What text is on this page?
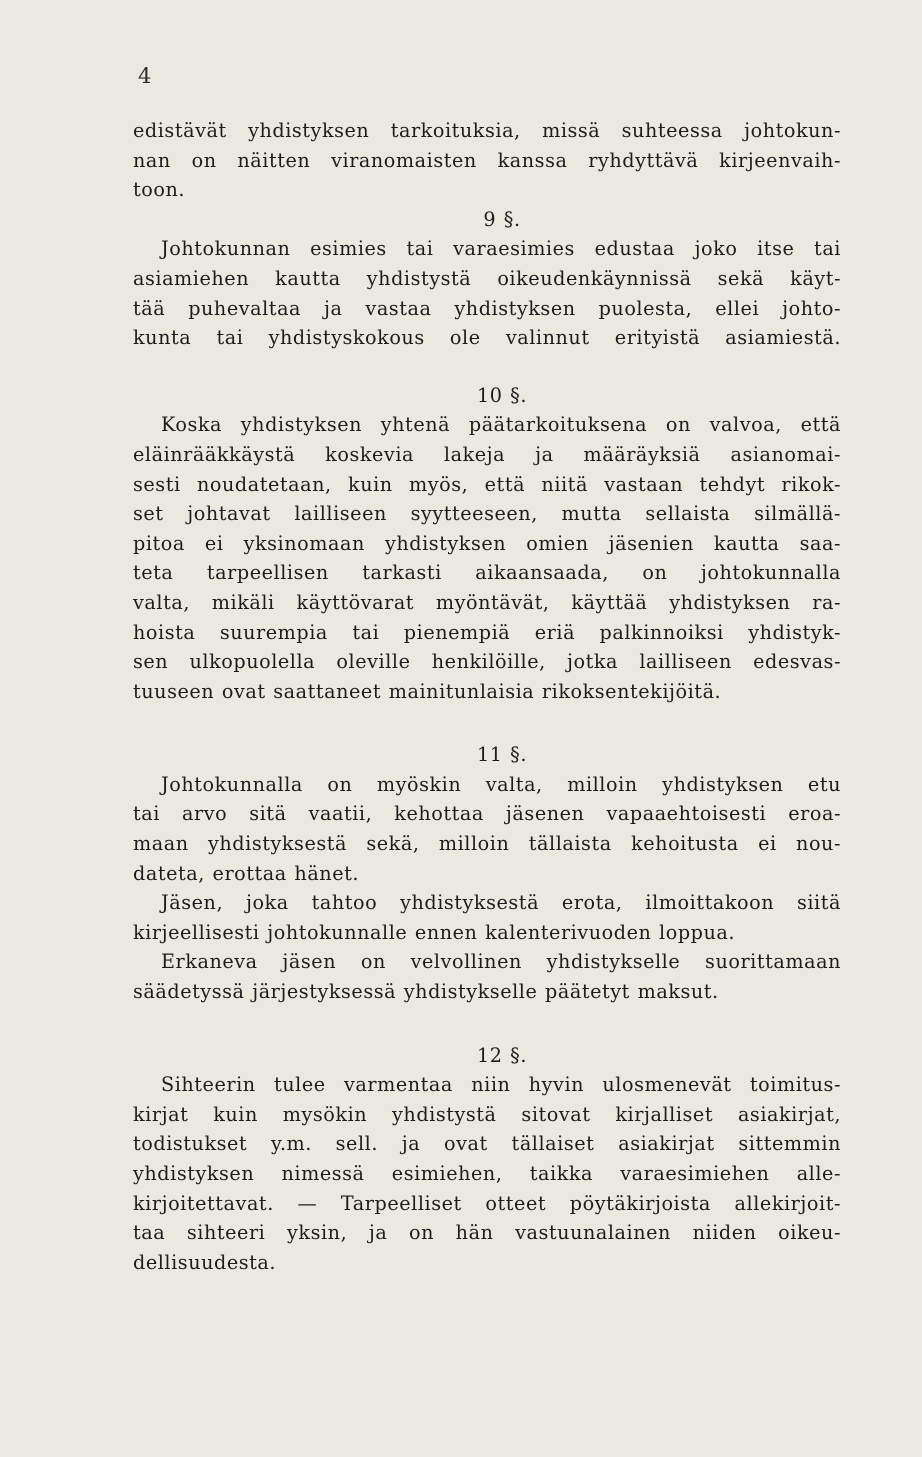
4
edistävät yhdistyksen tarkoituksia, missä suhteessa johtokun-
nan on näitten viranomaisten kanssa ryhdyttävä kirjeenvaih-
toon.
9 §.
Johtokunnan esimies tai varaesimies edustaa joko itse tai
asiamiehen kautta yhdistystä oikeudenkäynnissä sekä käyt-
tää puhevaltaa ja vastaa yhdistyksen puolesta, ellei johto-
kunta tai yhdistyskokous ole valinnut erityistä asiamiestä.
10 §.
Koska yhdistyksen yhtenä päätarkoituksena on valvoa, että
eläinrääkkäystä koskevia lakeja ja määräyksiä asianomai-
sesti noudatetaan, kuin myös, että niitä vastaan tehdyt rikok-
set johtavat lailliseen syytteeseen, mutta sellaista silmällä-
pitoa ei yksinomaan yhdistyksen omien jäsenien kautta saa-
teta tarpeellisen tarkasti aikaansaada, on johtokunnalla
valta, mikäli käyttövarat myöntävät, käyttää yhdistyksen ra-
hoista suurempia tai pienempiä eriä palkinnoiksi yhdistyk-
sen ulkopuolella oleville henkilöille, jotka lailliseen edesvas-
tuuseen ovat saattaneet mainitunlaisia rikoksentekijöitä.
11 §.
Johtokunnalla on myöskin valta, milloin yhdistyksen etu
tai arvo sitä vaatii, kehottaa jäsenen vapaaehtoisesti eroa-
maan yhdistyksestä sekä, milloin tällaista kehoitusta ei nou-
dateta, erottaa hänet.
Jäsen, joka tahtoo yhdistyksestä erota, ilmoittakoon siitä
kirjeellisesti johtokunnalle ennen kalenterivuoden loppua.
Erkaneva jäsen on velvollinen yhdistykselle suorittamaan
säädetyssä järjestyksessä yhdistykselle päätetyt maksut.
12 §.
Sihteerin tulee varmentaa niin hyvin ulosmenevät toimitus-
kirjat kuin mysökin yhdistystä sitovat kirjalliset asiakirjat,
todistukset y.m. sell. ja ovat tällaiset asiakirjat sittemmin
yhdistyksen nimessä esimiehen, taikka varaesimiehen alle-
kirjoitettavat. — Tarpeelliset otteet pöytäkirjoista allekirjoit-
taa sihteeri yksin, ja on hän vastuunalainen niiden oikeu-
dellisuudesta.
